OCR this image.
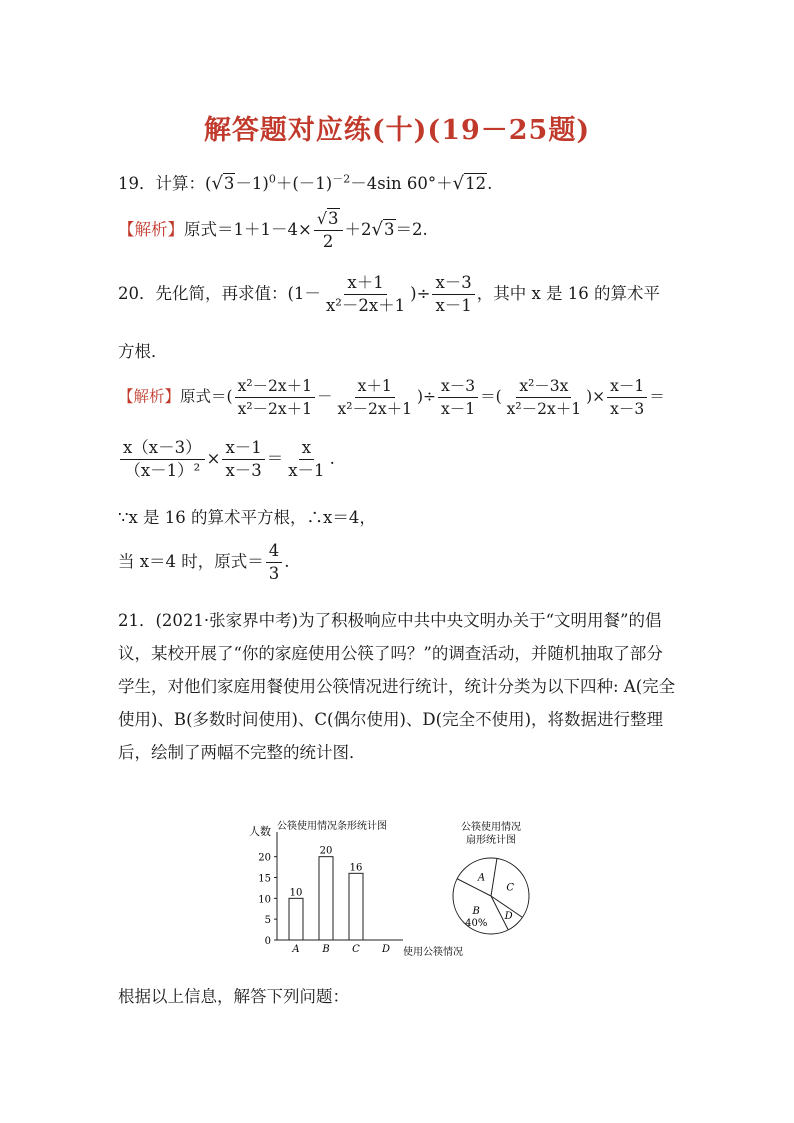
解答题对应练(十)(19－25题)
19．计算：$(√3-1)^0+(-1)^{-2}-4\sin$ 60°＋√12.
【解析】原式$=1+1-4\times \frac{√3}{2} +2√3=2$.
20．先化简，再求值：($1- \frac{x+1}{\text{x²－2x＋1}}$ )÷ $\frac{x-3}{x-1}$ ，其中 x 是 16 的算术平
方根．
【解析】原式＝( $\frac{\text{x²－2x＋1}}{\text{x²－2x＋1}} - \frac{x+1}{\text{x²－2x＋1}}$ )÷ $\frac{x-3}{x-1}$ ＝( $\frac{\text{x²－3x}}{\text{x²－2x＋1}}$ )× $\frac{x-1}{x-3}$ ＝
$\frac{x(x-3)}{\text{（x－1）²}} \times \frac{x-1}{x-3} = \frac{x}{x-1}$ .
∵x 是 16 的算术平方根，∴x＝4，
当 x＝4 时，原式＝ $\frac{4}{3}$ .
21．(2021·张家界中考)为了积极响应中共中央文明办关于“文明用餐”的倡议，某校开展了“你的家庭使用公筷了吗？”的调查活动，并随机抽取了部分学生，对他们家庭用餐使用公筷情况进行统计，统计分类为以下四种: A(完全使用)、B(多数时间使用)、C(偶尔使用)、D(完全不使用)，将数据进行整理后，绘制了两幅不完整的统计图．
人数 公筷使用情况条形统计图
0
5
10
15
20
10
A
20
B
16
C D 使用公筷情况
公筷使用情况
扇形统计图
A
C
D
B
40%
根据以上信息，解答下列问题：
